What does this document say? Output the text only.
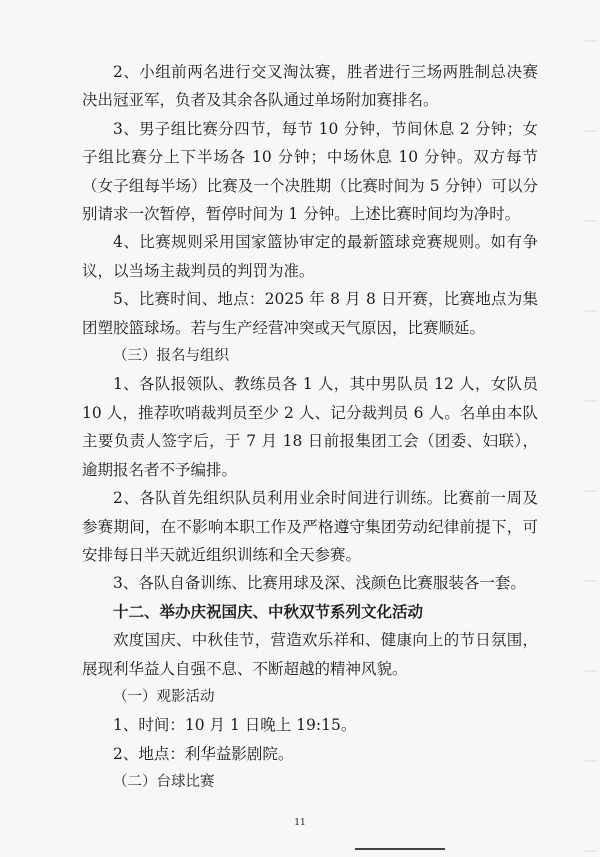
2、小组前两名进行交叉淘汰赛，胜者进行三场两胜制总决赛决出冠亚军，负者及其余各队通过单场附加赛排名。

3、男子组比赛分四节，每节 10 分钟，节间休息 2 分钟；女子组比赛分上下半场各 10 分钟；中场休息 10 分钟。双方每节（女子组每半场）比赛及一个决胜期（比赛时间为 5 分钟）可以分别请求一次暂停，暂停时间为 1 分钟。上述比赛时间均为净时。

4、比赛规则采用国家篮协审定的最新篮球竞赛规则。如有争议，以当场主裁判员的判罚为准。

5、比赛时间、地点：2025 年 8 月 8 日开赛，比赛地点为集团塑胶篮球场。若与生产经营冲突或天气原因，比赛顺延。

（三）报名与组织

1、各队报领队、教练员各 1 人，其中男队员 12 人，女队员 10 人，推荐吹哨裁判员至少 2 人、记分裁判员 6 人。名单由本队主要负责人签字后，于 7 月 18 日前报集团工会（团委、妇联），逾期报名者不予编排。

2、各队首先组织队员利用业余时间进行训练。比赛前一周及参赛期间，在不影响本职工作及严格遵守集团劳动纪律前提下，可安排每日半天就近组织训练和全天参赛。

3、各队自备训练、比赛用球及深、浅颜色比赛服装各一套。

十二、举办庆祝国庆、中秋双节系列文化活动

欢度国庆、中秋佳节，营造欢乐祥和、健康向上的节日氛围，展现利华益人自强不息、不断超越的精神风貌。

（一）观影活动

1、时间：10 月 1 日晚上 19:15。

2、地点：利华益影剧院。

（二）台球比赛

11
